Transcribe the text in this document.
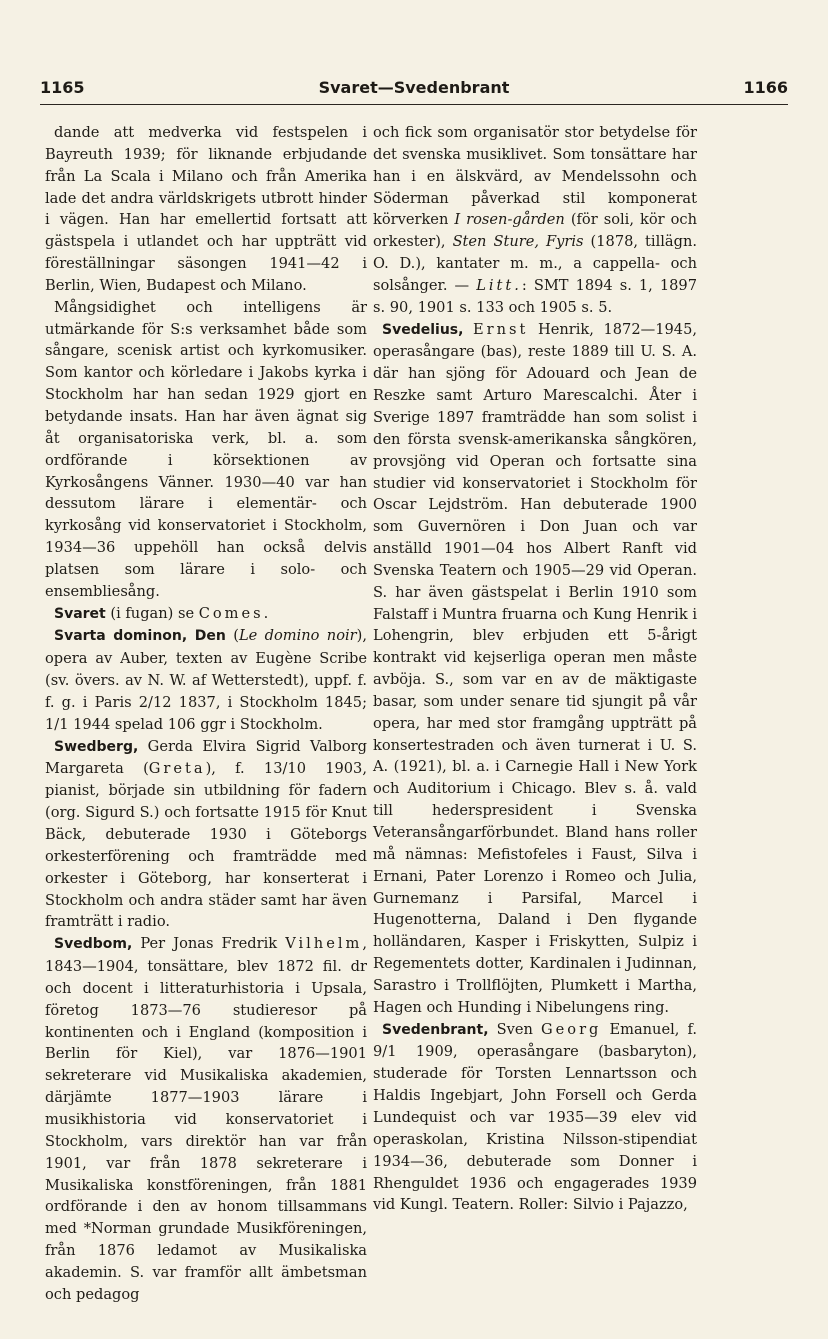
1165	Svaret—Svedenbrant	1166

dande att medverka vid festspelen i Bayreuth 1939; för liknande erbjudande från La Scala i Milano och från Amerika lade det andra världskrigets utbrott hinder i vägen. Han har emellertid fortsatt att gästspela i utlandet och har uppträtt vid föreställningar säsongen 1941—42 i Berlin, Wien, Budapest och Milano.

Mångsidighet och intelligens är utmärkande för S:s verksamhet både som sångare, scenisk artist och kyrkomusiker. Som kantor och körledare i Jakobs kyrka i Stockholm har han sedan 1929 gjort en betydande insats. Han har även ägnat sig åt organisatoriska verk, bl. a. som ordförande i körsektionen av Kyrkosångens Vänner. 1930—40 var han dessutom lärare i elementär- och kyrkosång vid konservatoriet i Stockholm, 1934—36 uppehöll han också delvis platsen som lärare i solo- och ensembliesång.

Svaret (i fugan) se Comes.

Svarta dominon, Den (Le domino noir), opera av Auber, texten av Eugène Scribe (sv. övers. av N. W. af Wetterstedt), uppf. f. f. g. i Paris 2/12 1837, i Stockholm 1845; 1/1 1944 spelad 106 ggr i Stockholm.

Swedberg, Gerda Elvira Sigrid Valborg Margareta (Greta), f. 13/10 1903, pianist, började sin utbildning för fadern (org. Sigurd S.) och fortsatte 1915 för Knut Bäck, debuterade 1930 i Göteborgs orkesterförening och framträdde med orkester i Göteborg, har konserterat i Stockholm och andra städer samt har även framträtt i radio.

Svedbom, Per Jonas Fredrik Vilhelm, 1843—1904, tonsättare, blev 1872 fil. dr och docent i litteraturhistoria i Upsala, företog 1873—76 studieresor på kontinenten och i England (komposition i Berlin för Kiel), var 1876—1901 sekreterare vid Musikaliska akademien, därjämte 1877—1903 lärare i musikhistoria vid konservatoriet i Stockholm, vars direktör han var från 1901, var från 1878 sekreterare i Musikaliska konstföreningen, från 1881 ordförande i den av honom tillsammans med *Norman grundade Musikföreningen, från 1876 ledamot av Musikaliska akademin. S. var framför allt ämbetsman och pedagog

och fick som organisatör stor betydelse för det svenska musiklivet. Som tonsättare har han i en älskvärd, av Mendelssohn och Söderman påverkad stil komponerat körverken I rosen-gården (för soli, kör och orkester), Sten Sture, Fyris (1878, tillägn. O. D.), kantater m. m., a cappella- och solsånger. — Litt.: SMT 1894 s. 1, 1897 s. 90, 1901 s. 133 och 1905 s. 5.

Svedelius, Ernst Henrik, 1872—1945, operasångare (bas), reste 1889 till U. S. A. där han sjöng för Adouard och Jean de Reszke samt Arturo Marescalchi. Åter i Sverige 1897 framträdde han som solist i den första svensk-amerikanska sångkören, provsjöng vid Operan och fortsatte sina studier vid konservatoriet i Stockholm för Oscar Lejdström. Han debuterade 1900 som Guvernören i Don Juan och var anställd 1901—04 hos Albert Ranft vid Svenska Teatern och 1905—29 vid Operan. S. har även gästspelat i Berlin 1910 som Falstaff i Muntra fruarna och Kung Henrik i Lohengrin, blev erbjuden ett 5-årigt kontrakt vid kejserliga operan men måste avböja. S., som var en av de mäktigaste basar, som under senare tid sjungit på vår opera, har med stor framgång uppträtt på konsertestraden och även turnerat i U. S. A. (1921), bl. a. i Carnegie Hall i New York och Auditorium i Chicago. Blev s. å. vald till hederspresident i Svenska Veteransångarförbundet. Bland hans roller må nämnas: Mefistofeles i Faust, Silva i Ernani, Pater Lorenzo i Romeo och Julia, Gurnemanz i Parsifal, Marcel i Hugenotterna, Daland i Den flygande holländaren, Kasper i Friskytten, Sulpiz i Regementets dotter, Kardinalen i Judinnan, Sarastro i Trollflöjten, Plumkett i Martha, Hagen och Hunding i Nibelungens ring.

Svedenbrant, Sven Georg Emanuel, f. 9/1 1909, operasångare (basbaryton), studerade för Torsten Lennartsson och Haldis Ingebjart, John Forsell och Gerda Lundequist och var 1935—39 elev vid operaskolan, Kristina Nilsson-stipendiat 1934—36, debuterade som Donner i Rhenguldet 1936 och engagerades 1939 vid Kungl. Teatern. Roller: Silvio i Pajazzo,
